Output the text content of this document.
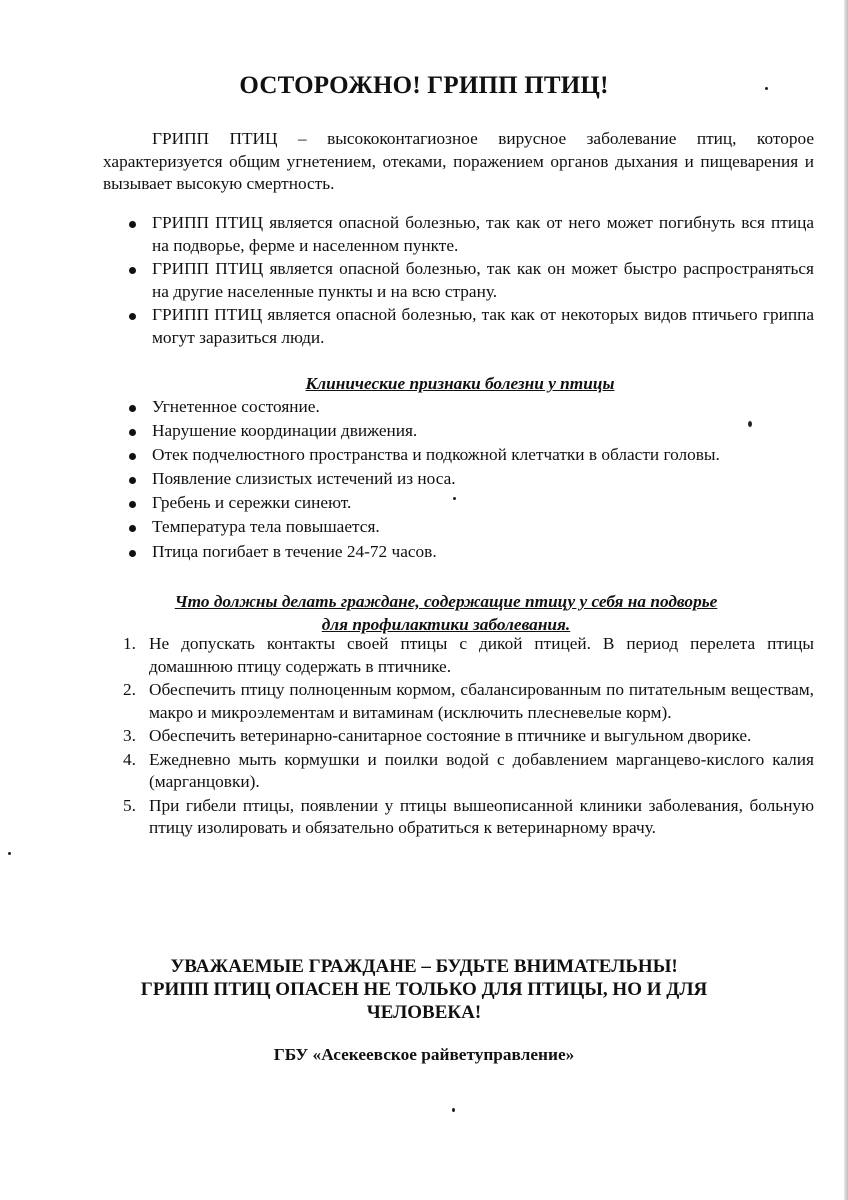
ОСТОРОЖНО! ГРИПП ПТИЦ!
ГРИПП ПТИЦ – высококонтагиозное вирусное заболевание птиц, которое характеризуется общим угнетением, отеками, поражением органов дыхания и пищеварения и вызывает высокую смертность.
ГРИПП ПТИЦ является опасной болезнью, так как от него может погибнуть вся птица на подворье, ферме и населенном пункте.
ГРИПП ПТИЦ является опасной болезнью, так как он может быстро распространяться на другие населенные пункты и на всю страну.
ГРИПП ПТИЦ является опасной болезнью, так как от некоторых видов птичьего гриппа могут заразиться люди.
Клинические признаки болезни у птицы
Угнетенное состояние.
Нарушение координации движения.
Отек подчелюстного пространства и подкожной клетчатки в области головы.
Появление слизистых истечений из носа.
Гребень и сережки синеют.
Температура тела повышается.
Птица погибает в течение 24-72 часов.
Что должны делать граждане, содержащие птицу у себя на подворье
для профилактики заболевания.
1. Не допускать контакты своей птицы с дикой птицей. В период перелета птицы домашнюю птицу содержать в птичнике.
2. Обеспечить птицу полноценным кормом, сбалансированным по питательным веществам, макро и микроэлементам и витаминам (исключить плесневелые корм).
3. Обеспечить ветеринарно-санитарное состояние в птичнике и выгульном дворике.
4. Ежедневно мыть кормушки и поилки водой с добавлением марганцево-кислого калия (марганцовки).
5. При гибели птицы, появлении у птицы вышеописанной клиники заболевания, больную птицу изолировать и обязательно обратиться к ветеринарному врачу.
УВАЖАЕМЫЕ ГРАЖДАНЕ – БУДЬТЕ ВНИМАТЕЛЬНЫ!
ГРИПП ПТИЦ ОПАСЕН НЕ ТОЛЬКО ДЛЯ ПТИЦЫ, НО И ДЛЯ
ЧЕЛОВЕКА!
ГБУ «Асекеевское райветуправление»
